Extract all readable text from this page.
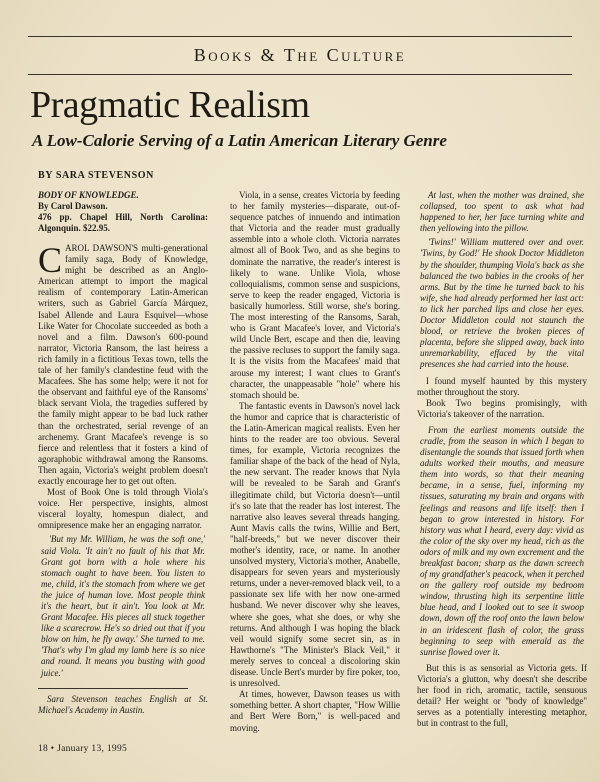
Books & The Culture
Pragmatic Realism
A Low-Calorie Serving of a Latin American Literary Genre
BY SARA STEVENSON
BODY OF KNOWLEDGE.
By Carol Dawson.
476 pp. Chapel Hill, North Carolina: Algonquin. $22.95.

CAROL DAWSON'S multi-generational family saga, Body of Knowledge, might be described as an Anglo-American attempt to import the magical realism of contemporary Latin-American writers, such as Gabriel García Márquez, Isabel Allende and Laura Esquivel—whose Like Water for Chocolate succeeded as both a novel and a film. Dawson's 600-pound narrator, Victoria Ransom, the last heiress a rich family in a fictitious Texas town, tells the tale of her family's clandestine feud with the Macafees. She has some help; were it not for the observant and faithful eye of the Ransoms' black servant Viola, the tragedies suffered by the family might appear to be bad luck rather than the orchestrated, serial revenge of an archenemy. Grant Macafee's revenge is so fierce and relentless that it fosters a kind of agoraphobic withdrawal among the Ransoms. Then again, Victoria's weight problem doesn't exactly encourage her to get out often.

Most of Book One is told through Viola's voice. Her perspective, insights, almost visceral loyalty, homespun dialect, and omnipresence make her an engaging narrator.

'But my Mr. William, he was the soft one,' said Viola. 'It ain't no fault of his that Mr. Grant got born with a hole where his stomach ought to have been. You listen to me, child, it's the stomach from where we get the juice of human love. Most people think it's the heart, but it ain't. You look at Mr. Grant Macafee. His pieces all stuck together like a scarecrow. He's so dried out that if you blow on him, he fly away.' She turned to me. 'That's why I'm glad my lamb here is so nice and round. It means you busting with good juice.'

Sara Stevenson teaches English at St. Michael's Academy in Austin.

Viola, in a sense, creates Victoria by feeding to her family mysteries—disparate, out-of-sequence patches of innuendo and intimation that Victoria and the reader must gradually assemble into a whole cloth. Victoria narrates almost all of Book Two, and as she begins to dominate the narrative, the reader's interest is likely to wane. Unlike Viola, whose colloquialisms, common sense and suspicions, serve to keep the reader engaged, Victoria is basically humorless. Still worse, she's boring. The most interesting of the Ransoms, Sarah, who is Grant Macafee's lover, and Victoria's wild Uncle Bert, escape and then die, leaving the passive recluses to support the family saga. It is the visits from the Macafees' maid that arouse my interest; I want clues to Grant's character, the unappeasable "hole" where his stomach should be.

The fantastic events in Dawson's novel lack the humor and caprice that is characteristic of the Latin-American magical realists. Even her hints to the reader are too obvious. Several times, for example, Victoria recognizes the familiar shape of the back of the head of Nyla, the new servant. The reader knows that Nyla will be revealed to be Sarah and Grant's illegitimate child, but Victoria doesn't—until it's so late that the reader has lost interest. The narrative also leaves several threads hanging. Aunt Mavis calls the twins, Willie and Bert, "half-breeds," but we never discover their mother's identity, race, or name. In another unsolved mystery, Victoria's mother, Anabelle, disappears for seven years and mysteriously returns, under a never-removed black veil, to a passionate sex life with her now one-armed husband. We never discover why she leaves, where she goes, what she does, or why she returns. And although I was hoping the black veil would signify some secret sin, as in Hawthorne's "The Minister's Black Veil," it merely serves to conceal a discoloring skin disease. Uncle Bert's murder by fire poker, too, is unresolved.

At times, however, Dawson teases us with something better. A short chapter, "How Willie and Bert Were Born," is well-paced and moving.

At last, when the mother was drained, she collapsed, too spent to ask what had happened to her, her face turning white and then yellowing into the pillow.

'Twins!' William muttered over and over. 'Twins, by God!' He shook Doctor Middleton by the shoulder, thumping Viola's back as she balanced the two babies in the crooks of her arms. But by the time he turned back to his wife, she had already performed her last act: to lick her parched lips and close her eyes. Doctor Middleton could not staunch the blood, or retrieve the broken pieces of placenta, before she slipped away, back into unremarkability, effaced by the vital presences she had carried into the house.

I found myself haunted by this mystery mother throughout the story.

Book Two begins promisingly, with Victoria's takeover of the narration.

From the earliest moments outside the cradle, from the season in which I began to disentangle the sounds that issued forth when adults worked their mouths, and measure them into words, so that their meaning became, in a sense, fuel, informing my tissues, saturating my brain and organs with feelings and reasons and life itself: then I began to grow interested in history. For history was what I heard, every day: vivid as the color of the sky over my head, rich as the odors of milk and my own excrement and the breakfast bacon; sharp as the dawn screech of my grandfather's peacock, when it perched on the gallery roof outside my bedroom window, thrusting high its serpentine little blue head, and I looked out to see it swoop down, down off the roof onto the lawn below in an iridescent flash of color, the grass beginning to seep with emerald as the sunrise flowed over it.

But this is as sensorial as Victoria gets. If Victoria's a glutton, why doesn't she describe her food in rich, aromatic, tactile, sensuous detail? Her weight or "body of knowledge" serves as a potentially interesting metaphor, but in contrast to the full,

18 • January 13, 1995
